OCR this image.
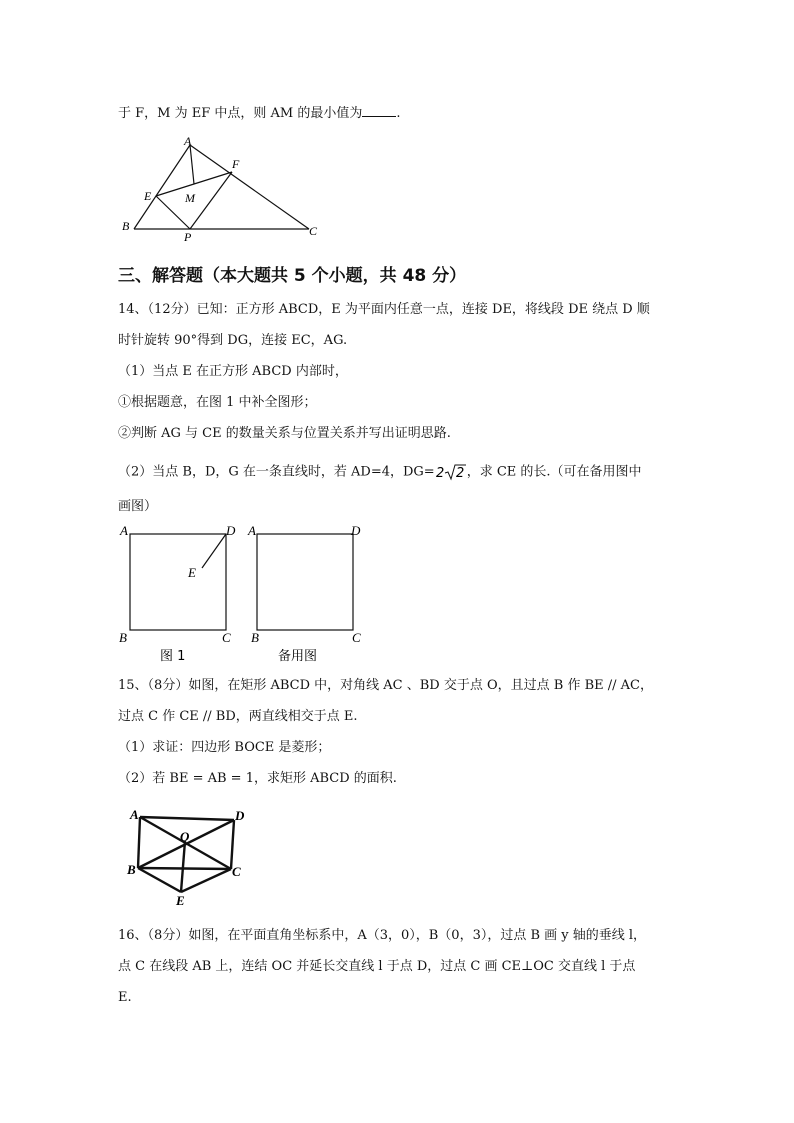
于 F，M 为 EF 中点，则 AM 的最小值为	.
A
F
E	M
B
P	C
三、解答题（本大题共 5 个小题，共 48 分）
14、（12分）已知：正方形 ABCD，E 为平面内任意一点，连接 DE，将线段 DE 绕点 D 顺
时针旋转 90°得到 DG，连接 EC，AG.
（1）当点 E 在正方形 ABCD 内部时，
①根据题意，在图 1 中补全图形；
②判断 AG 与 CE 的数量关系与位置关系并写出证明思路.
（2）当点 B，D，G 在一条直线时，若 AD=4，DG= 2 2 ，求 CE 的长.（可在备用图中
画图）
A	D
E
B	C
图 1
A	D
B	C
备用图
15、（8分）如图，在矩形 ABCD 中，对角线 AC 、BD 交于点 O，且过点 B 作 BE // AC，
过点 C 作 CE // BD，两直线相交于点 E.
（1）求证：四边形 BOCE 是菱形；
（2）若 BE = AB = 1，求矩形 ABCD 的面积.
A	D
O
B	C
E
16、（8分）如图，在平面直角坐标系中，A（3，0），B（0，3），过点 B 画 y 轴的垂线 l，
点 C 在线段 AB 上，连结 OC 并延长交直线 l 于点 D，过点 C 画 CE⊥OC 交直线 l 于点
E.
